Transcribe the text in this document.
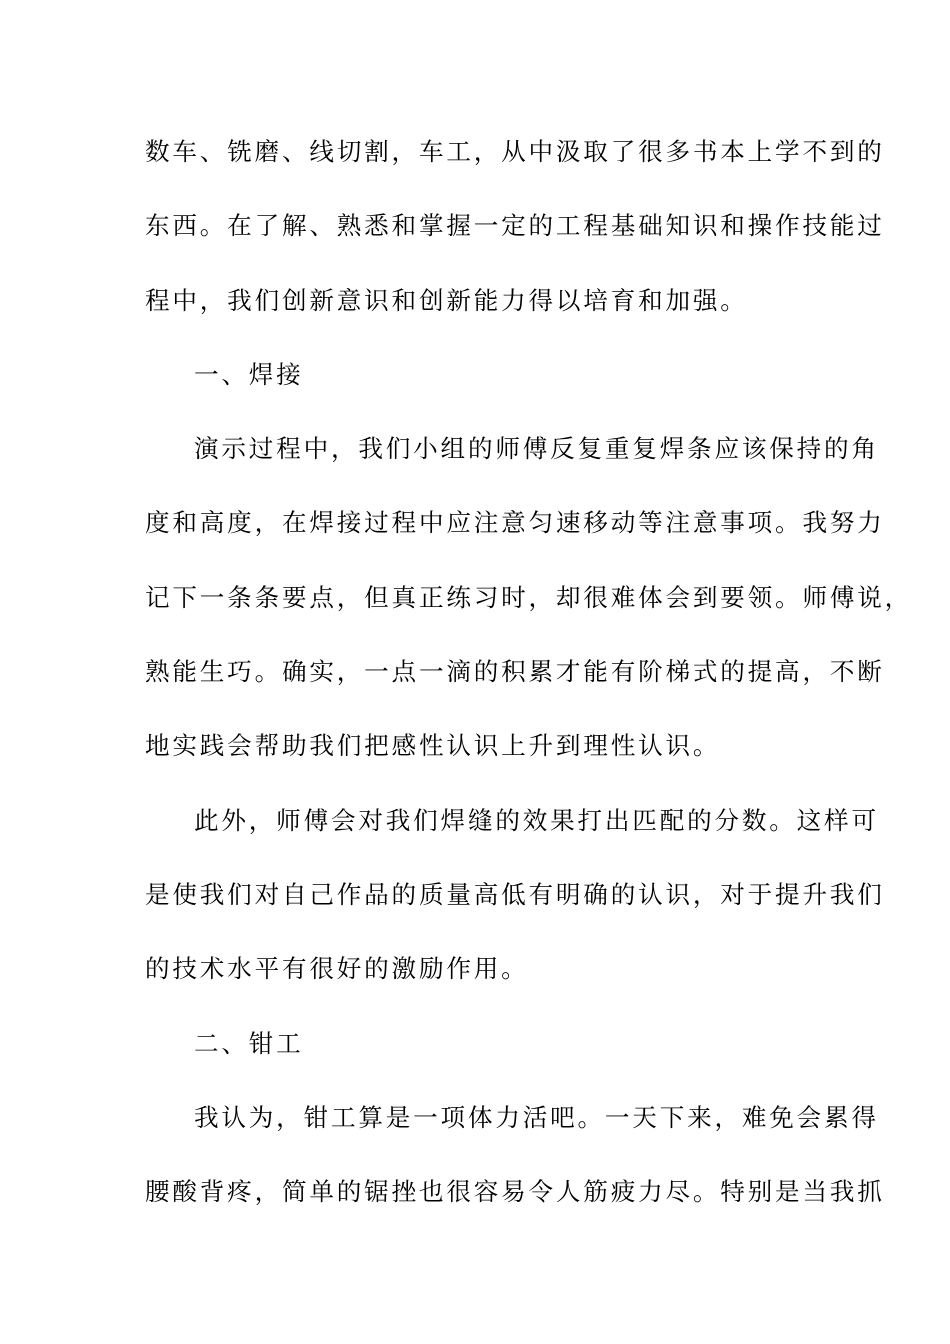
数车、铣磨、线切割，车工，从中汲取了很多书本上学不到的
东西。在了解、熟悉和掌握一定的工程基础知识和操作技能过
程中，我们创新意识和创新能力得以培育和加强。
一、焊接
演示过程中，我们小组的师傅反复重复焊条应该保持的角
度和高度，在焊接过程中应注意匀速移动等注意事项。我努力
记下一条条要点，但真正练习时，却很难体会到要领。师傅说，
熟能生巧。确实，一点一滴的积累才能有阶梯式的提高，不断
地实践会帮助我们把感性认识上升到理性认识。
此外，师傅会对我们焊缝的效果打出匹配的分数。这样可
是使我们对自己作品的质量高低有明确的认识，对于提升我们
的技术水平有很好的激励作用。
二、钳工
我认为，钳工算是一项体力活吧。一天下来，难免会累得
腰酸背疼，简单的锯挫也很容易令人筋疲力尽。特别是当我抓
